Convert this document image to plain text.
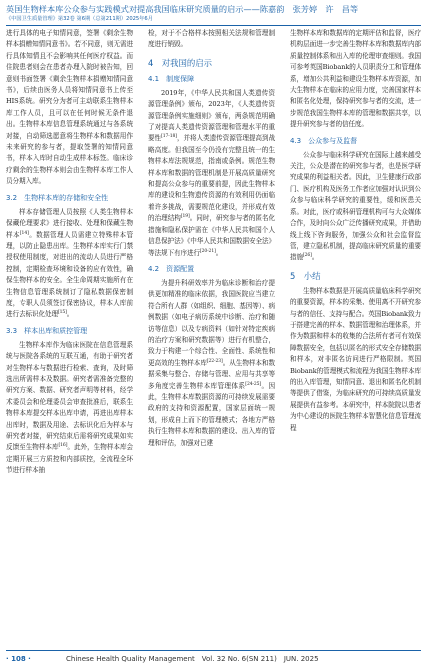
英国生物样本库公众参与实践模式对提高我国临床研究质量的启示——陈嘉韵　张芳婷　许　昌等
《中国卫生质量管理》第32卷 第6期（总第211期）2025年6月

进行具体的电子知情同意，签署《剩余生物样本捐赠知情同意书》。若不同意，则无需进行具体知情且不会影响其任何医疗权益。而住院患者则会在患者办理入院时被告知，回意则书面签署《剩余生物样本捐赠知情同意书》，后续由医务人员将知情同意书上传至HIS系统。研究分为者可主动联系生物样本库工作人员，且可以在任何时候无条件退出。生物样本库信息管理系统通过与各系统对接，自动筛选愿意将生物样本和数据用作未来研究的参与者，提取签署的知情同意书，样本入库时自动生成样本标签。临床诊疗剩余的生物样本则会由生物样本库工作人员分期入库。

3.2　生物样本库的存储和安全性

样本存储管理人员按照《人类生物样本保藏伦理要求》进行接收、处理和保藏生物样本[14]。数据管理人员需建立特殊样本管理，以防止隐患出库。生物样本库实行门禁授权使用制度，对进出的流动人员进行严格控制，定期检查环境和设备的应有效性，确保生物样本的安全。全生命周期实施所有在生物信息管理系统制订了隐私数据保密制度，专职人员须签订保密协议，样本人库前进行去标识化处理[15]。

3.3　样本出库和质控管理

生物样本库作为临床医院在信息管理系统与医院各系统的互联互通，有助于研究者对生物样本与数据进行检索、查询，及时筛选出所需样本及数据。研究者需准备完整的研究方案、数据、研究者声明等材料，经学术委员会和伦理委员会审查批准后，联系生物样本库提交样本出库申请，再进出库样本出库时，数据及用途、去标识化后为样本与研究者对接，研究结束后需将研究成果如实反馈至生物样本库[16]。此外，生物样本库会定期开展三方质控和内部质控，全流程全环节进行样本抽

检，对于不合格样本按照相关法规和管理制度进行销毁。

4　对我国的启示
4.1　制度保障

2019年，《中华人民共和国人类遗传资源管理条例》颁布，2023年，《人类遗传资源管理条例实施细则》颁布，两条规范明确了对提高人类遗传资源管理和管理水平的重要性[17-18]，并将人类遗传资源管理提高到战略高度。但我国至今仍没有完整且统一的生物样本库法规规范，指南或条例。规范生物样本库和数据的管理机制是开展高质量研究和提高公众参与的重要前提，因此生物样本库的建设和生物遗传资源的有效利用仍面临着许多挑战，需要规范化建设，并形成有效的治理结构[19]。同时，研究参与者的匿名化措施和隐私保护需在《中华人民共和国个人信息保护法》《中华人民共和国数据安全法》等法规下有序进行[20-21]。

4.2　资源配置

为提升科研效率并为临床诊断和治疗提供更加精准的临床依据，我国医院应当建立符合所有人群（如组织、细胞、基因等）、病例数据（如电子病历系统中诊断、治疗和随访等信息）以及专病资料（如针对特定疾病的治疗方案和研究数据等）进行有机整合，致力于构建一个综合性、全面性、系统性和更高效的生物样本库[22-23]。从生物样本和数据采集与整合、存储与管理、应用与共享等多角度完善生物样本库管理体系[24-25]。因此，生物样本库数据资源的可持续发展需要政府的支持和资源配置，国家层面统一规划，形成自上而下的管理模式；各地方严格执行生物样本库和数据的建设、出入库的管理和评估，加强对已建

生物样本库和数据库的定期评估和监督，医疗机构层面进一步完善生物样本库和数据库内部质量控制体系和出入库的伦理审查细则。我国可参考英国Biobank的人员职责分工和管理体系，增加公共利益和建设生物样本库资源，加大生物样本在临床的应用力度，完善国家样本和匿名化处理，保持研究参与者的交流，进一步规范我国生物样本库的管理和数据共享，以提升研究参与者的信任度。

4.3　公众参与及监督

公众参与临床科学研究在国际上越来越受关注，公众是潜在的研究参与者，也是医学研究成果的利益相关者。因此，卫生健康行政部门、医疗机构及医务工作者应加强对认识到公众参与临床科学研究的重要性，缓和医患关系。对此，医疗或科研管理机构可与大众媒体合作，及时向公众广泛传播研究成果，并借助线上线下咨询服务，加强公众和社会监督监管，建立隐私机制，提高临床研究质量的重要措施[26]。

5　小结

生物样本数据是开展高质量临床科学研究的重要资源，样本的采集、使用离不开研究参与者的信任、支持与配合。英国Biobank致力于搭建完善的样本、数据管理和治理体系，并作为数据和样本的收集的合法所有者可有效保障数据安全，包括以匿名的形式安全存储数据和样本，对非匿名访问进行严格限制。英国Biobank的管理模式和流程为我国生物样本库的出入库管理，知情同意、退出和匿名化机制等提供了借鉴，为临床研究的可持续高质量发展提供有益参考。本研究中，样本院院以患者为中心建设的医院生物样本智慧化信息管理流程

· 108 ·	Chinese Health Quality Management　Vol. 32 No. 6(SN 211)　JUN. 2025
